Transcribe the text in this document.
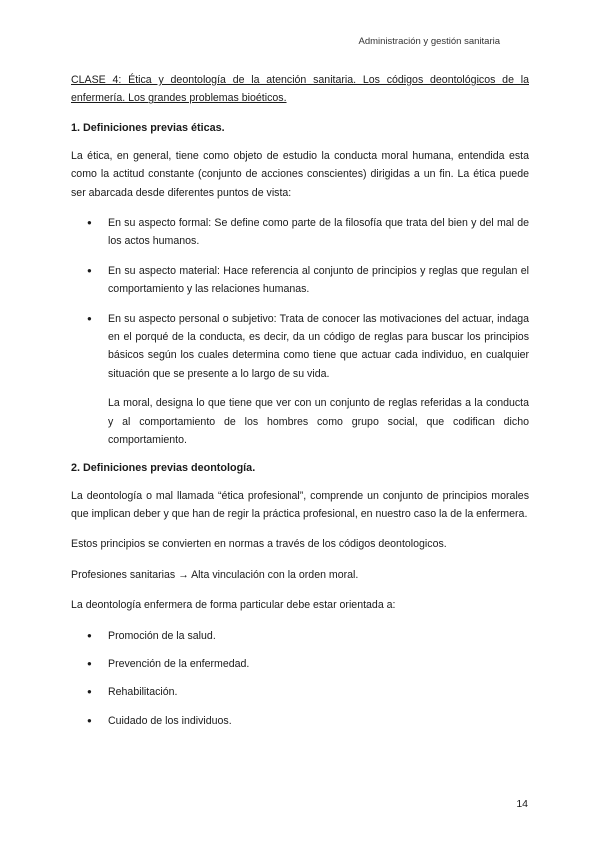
Administración y gestión sanitaria

CLASE 4: Ética y deontología de la atención sanitaria. Los códigos deontológicos de la enfermería. Los grandes problemas bioéticos.

1. Definiciones previas éticas.

La ética, en general, tiene como objeto de estudio la conducta moral humana, entendida esta como la actitud constante (conjunto de acciones conscientes) dirigidas a un fin. La ética puede ser abarcada desde diferentes puntos de vista:

● En su aspecto formal: Se define como parte de la filosofía que trata del bien y del mal de los actos humanos.

● En su aspecto material: Hace referencia al conjunto de principios y reglas que regulan el comportamiento y las relaciones humanas.

● En su aspecto personal o subjetivo: Trata de conocer las motivaciones del actuar, indaga en el porqué de la conducta, es decir, da un código de reglas para buscar los principios básicos según los cuales determina como tiene que actuar cada individuo, en cualquier situación que se presente a lo largo de su vida.

La moral, designa lo que tiene que ver con un conjunto de reglas referidas a la conducta y al comportamiento de los hombres como grupo social, que codifican dicho comportamiento.

2. Definiciones previas deontología.

La deontología o mal llamada “ética profesional”, comprende un conjunto de principios morales que implican deber y que han de regir la práctica profesional, en nuestro caso la de la enfermera.

Estos principios se convierten en normas a través de los códigos deontologicos.

Profesiones sanitarias → Alta vinculación con la orden moral.

La deontología enfermera de forma particular debe estar orientada a:

● Promoción de la salud.

● Prevención de la enfermedad.

● Rehabilitación.

● Cuidado de los individuos.

14
